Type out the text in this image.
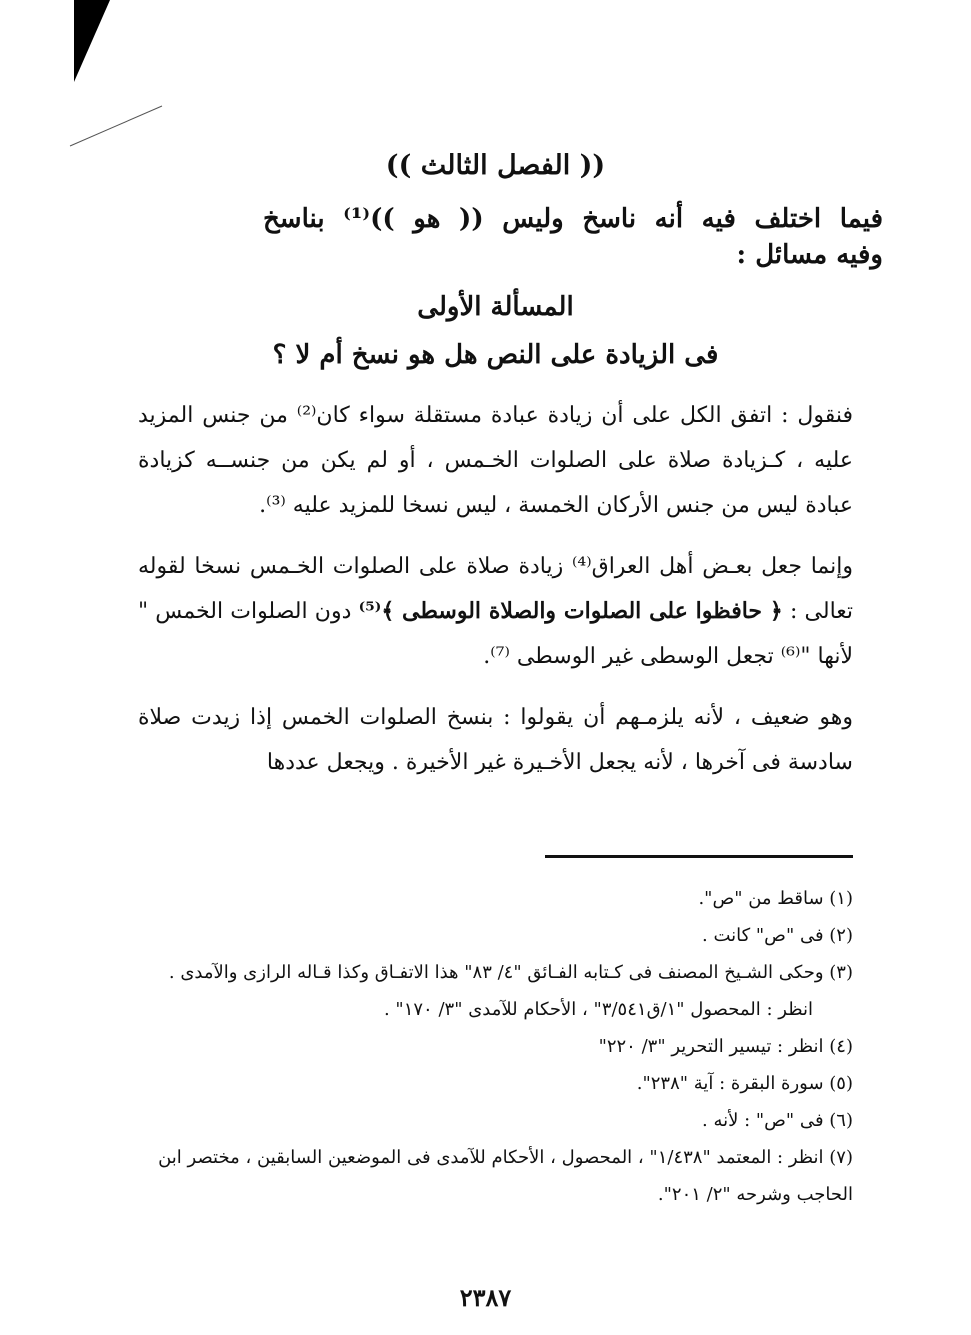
(( الفصل الثالث ))
فيما اختلف فيه أنه ناسخ وليس (( هو ))⁽¹⁾ بناسخ
وفيه مسائل :
المسألة الأولى
فى الزيادة على النص هل هو نسخ أم لا ؟

فنقول : اتفق الكل على أن زيادة عبادة مستقلة سواء كان⁽²⁾ من جنس المزيد عليه ، كـزيادة صلاة على الصلوات الخـمس ، أو لم يكن من جنســه كزيادة عبادة ليس من جنس الأركان الخمسة ، ليس نسخا للمزيد عليه ⁽³⁾.

وإنما جعل بعـض أهل العراق⁽⁴⁾ زيادة صلاة على الصلوات الخـمس نسخا لقوله تعالى : ﴿ حافظوا على الصلوات والصلاة الوسطى ﴾⁽⁵⁾ دون الصلوات الخمس " لأنها "⁽⁶⁾ تجعل الوسطى غير الوسطى ⁽⁷⁾.

وهو ضعيف ، لأنه يلزمـهم أن يقولوا : بنسخ الصلوات الخمس إذا زيدت صلاة سادسة فى آخرها ، لأنه يجعل الأخـيرة غير الأخيرة . ويجعل عددها

(١) ساقط من "ص".

(٢) فى "ص" كانت .

(٣) وحكى الشـيخ المصنف فى كـتابه الفـائق "٤/ ٨٣" هذا الاتفـاق وكذا قـاله الرازى والآمدى .

انظر : المحصول "١/ق٣/٥٤١" ، الأحكام للآمدى "٣/ ١٧٠" .

(٤) انظر : تيسير التحرير "٣/ ٢٢٠"

(٥) سورة البقرة : آية "٢٣٨".

(٦) فى "ص" : لأنه .

(٧) انظر : المعتمد "١/٤٣٨" ، المحصول ، الأحكام للآمدى فى الموضعين السابقين ، مختصر ابن الحاجب وشرحه "٢/ ٢٠١".

٢٣٨٧
